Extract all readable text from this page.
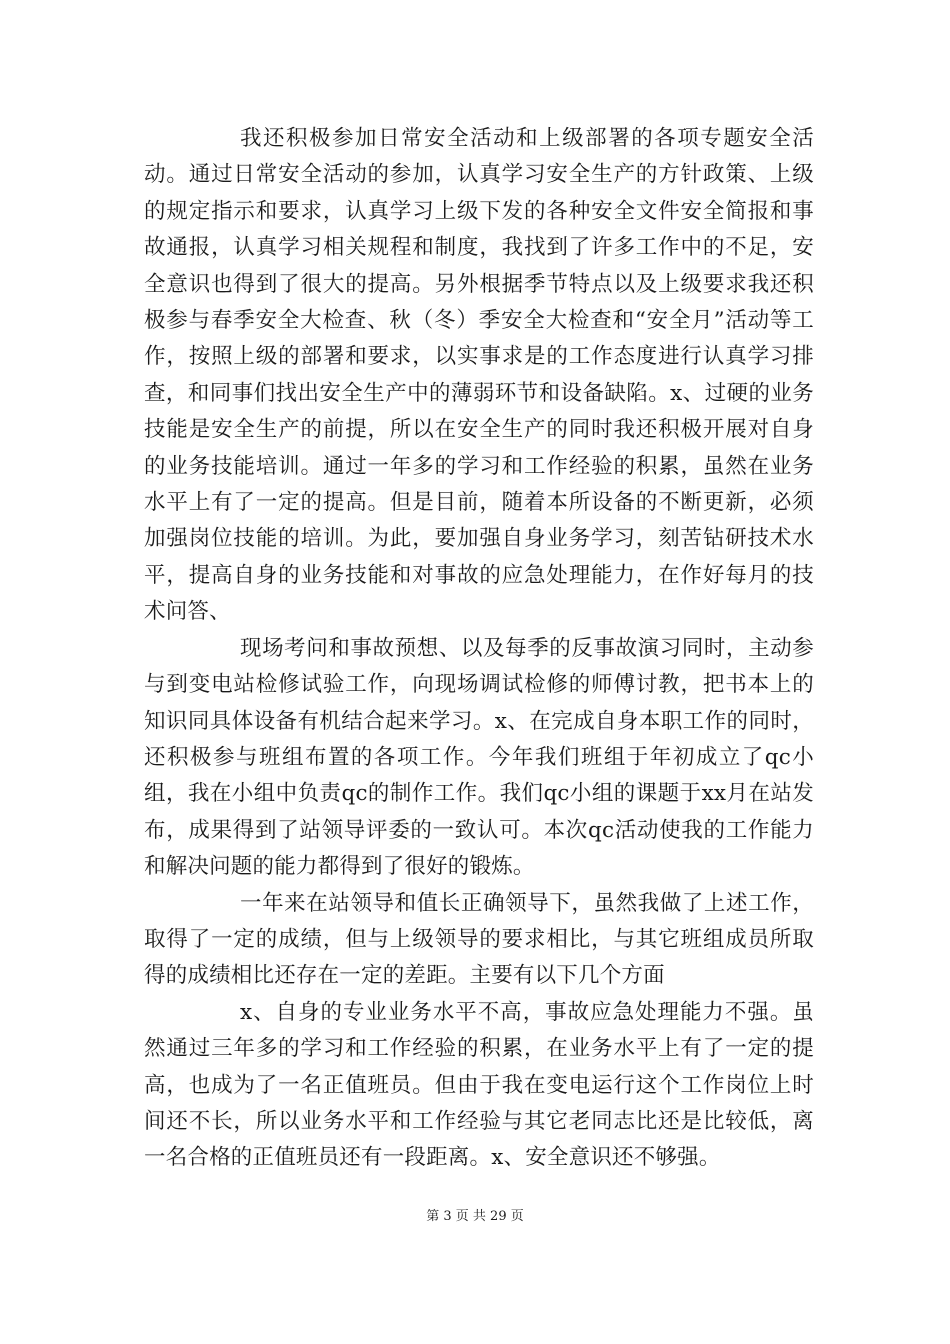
我还积极参加日常安全活动和上级部署的各项专题安全活动。通过日常安全活动的参加，认真学习安全生产的方针政策、上级的规定指示和要求，认真学习上级下发的各种安全文件安全简报和事故通报，认真学习相关规程和制度，我找到了许多工作中的不足，安全意识也得到了很大的提高。另外根据季节特点以及上级要求我还积极参与春季安全大检查、秋（冬）季安全大检查和“安全月”活动等工作，按照上级的部署和要求，以实事求是的工作态度进行认真学习排查，和同事们找出安全生产中的薄弱环节和设备缺陷。x、过硬的业务技能是安全生产的前提，所以在安全生产的同时我还积极开展对自身的业务技能培训。通过一年多的学习和工作经验的积累，虽然在业务水平上有了一定的提高。但是目前，随着本所设备的不断更新，必须加强岗位技能的培训。为此，要加强自身业务学习，刻苦钻研技术水平，提高自身的业务技能和对事故的应急处理能力，在作好每月的技术问答、

现场考问和事故预想、以及每季的反事故演习同时，主动参与到变电站检修试验工作，向现场调试检修的师傅讨教，把书本上的知识同具体设备有机结合起来学习。x、在完成自身本职工作的同时，还积极参与班组布置的各项工作。今年我们班组于年初成立了qc小组，我在小组中负责qc的制作工作。我们qc小组的课题于xx月在站发布，成果得到了站领导评委的一致认可。本次qc活动使我的工作能力和解决问题的能力都得到了很好的锻炼。

一年来在站领导和值长正确领导下，虽然我做了上述工作，取得了一定的成绩，但与上级领导的要求相比，与其它班组成员所取得的成绩相比还存在一定的差距。主要有以下几个方面

x、自身的专业业务水平不高，事故应急处理能力不强。虽然通过三年多的学习和工作经验的积累，在业务水平上有了一定的提高，也成为了一名正值班员。但由于我在变电运行这个工作岗位上时间还不长，所以业务水平和工作经验与其它老同志比还是比较低，离一名合格的正值班员还有一段距离。x、安全意识还不够强。

第 3 页 共 29 页
